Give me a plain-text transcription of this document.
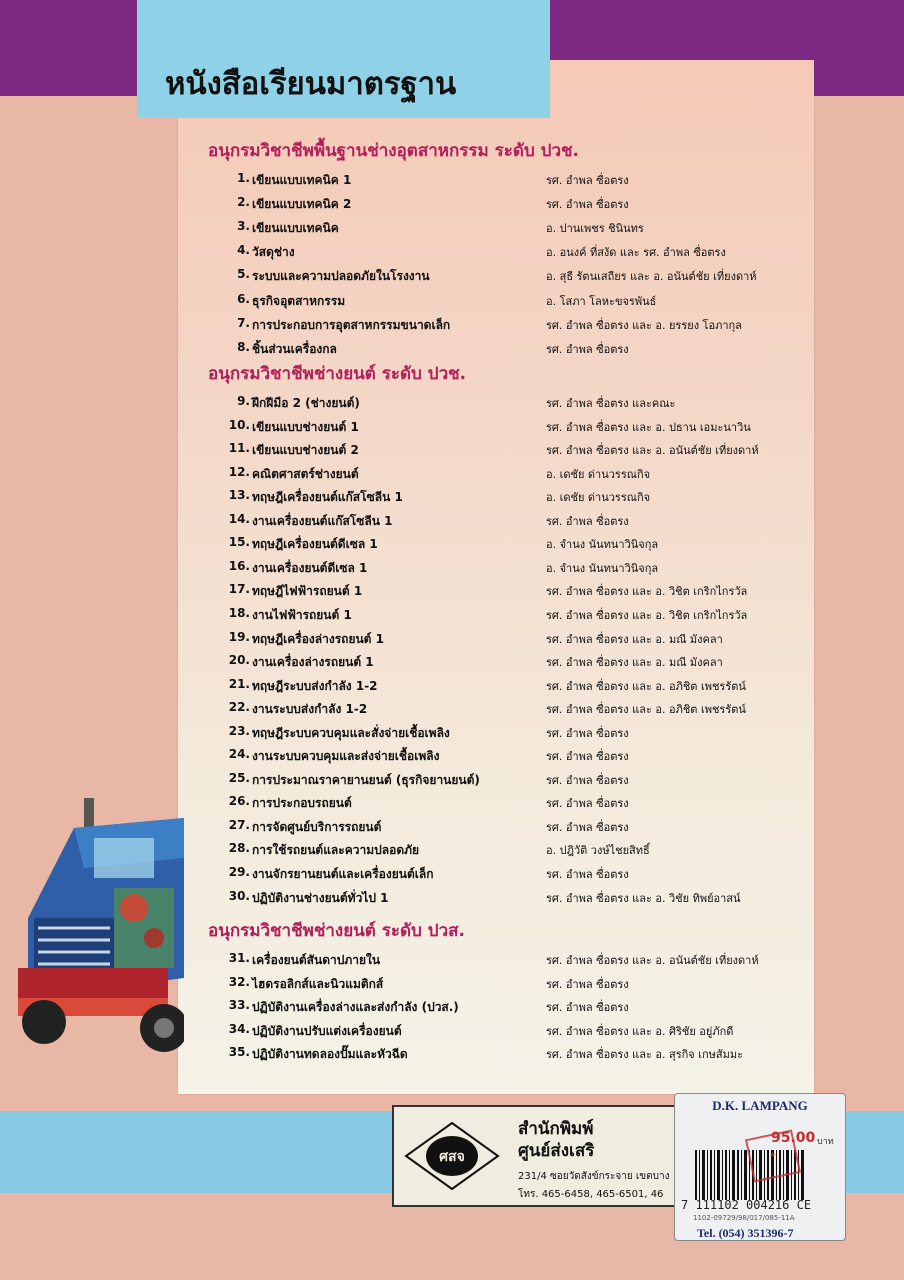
หนังสือเรียนมาตรฐาน
อนุกรมวิชาชีพพื้นฐานช่างอุตสาหกรรม ระดับ ปวช.
1. เขียนแบบเทคนิค 1	รศ. อำพล ซื่อตรง
2. เขียนแบบเทคนิค 2	รศ. อำพล ซื่อตรง
3. เขียนแบบเทคนิค	อ. ปานเพชร ชินินทร
4. วัสดุช่าง	อ. อนงค์ ที่สงัด และ รศ. อำพล ซื่อตรง
5. ระบบและความปลอดภัยในโรงงาน	อ. สุธี รัตนเสถียร และ อ. อนันต์ชัย เที่ยงดาห์
6. ธุรกิจอุตสาหกรรม	อ. โสภา โลหะขจรพันธ์
7. การประกอบการอุตสาหกรรมขนาดเล็ก	รศ. อำพล ซื่อตรง และ อ. ยรรยง โอภากุล
8. ชิ้นส่วนเครื่องกล	รศ. อำพล ซื่อตรง
อนุกรมวิชาชีพช่างยนต์ ระดับ ปวช.
9. ฝึกฝีมือ 2 (ช่างยนต์)	รศ. อำพล ซื่อตรง และคณะ
10. เขียนแบบช่างยนต์ 1	รศ. อำพล ซื่อตรง และ อ. ปธาน เอมะนาวิน
11. เขียนแบบช่างยนต์ 2	รศ. อำพล ซื่อตรง และ อ. อนันต์ชัย เที่ยงดาห์
12. คณิตศาสตร์ช่างยนต์	อ. เดชัย ด่านวรรณกิจ
13. ทฤษฎีเครื่องยนต์แก๊สโซลีน 1	อ. เดชัย ด่านวรรณกิจ
14. งานเครื่องยนต์แก๊สโซลีน 1	รศ. อำพล ซื่อตรง
15. ทฤษฎีเครื่องยนต์ดีเซล 1	อ. จำนง นันทนาวินิจกุล
16. งานเครื่องยนต์ดีเซล 1	อ. จำนง นันทนาวินิจกุล
17. ทฤษฎีไฟฟ้ารถยนต์ 1	รศ. อำพล ซื่อตรง และ อ. วิชิต เกริกไกรวัล
18. งานไฟฟ้ารถยนต์ 1	รศ. อำพล ซื่อตรง และ อ. วิชิต เกริกไกรวัล
19. ทฤษฎีเครื่องล่างรถยนต์ 1	รศ. อำพล ซื่อตรง และ อ. มณี มังคลา
20. งานเครื่องล่างรถยนต์ 1	รศ. อำพล ซื่อตรง และ อ. มณี มังคลา
21. ทฤษฎีระบบส่งกำลัง 1-2	รศ. อำพล ซื่อตรง และ อ. อภิชิต เพชรรัตน์
22. งานระบบส่งกำลัง 1-2	รศ. อำพล ซื่อตรง และ อ. อภิชิต เพชรรัตน์
23. ทฤษฎีระบบควบคุมและสั่งจ่ายเชื้อเพลิง	รศ. อำพล ซื่อตรง
24. งานระบบควบคุมและส่งจ่ายเชื้อเพลิง	รศ. อำพล ซื่อตรง
25. การประมาณราคายานยนต์ (ธุรกิจยานยนต์)	รศ. อำพล ซื่อตรง
26. การประกอบรถยนต์	รศ. อำพล ซื่อตรง
27. การจัดศูนย์บริการรถยนต์	รศ. อำพล ซื่อตรง
28. การใช้รถยนต์และความปลอดภัย	อ. ปฎิวัติ วงษ์ไชยสิทธิ์
29. งานจักรยานยนต์และเครื่องยนต์เล็ก	รศ. อำพล ซื่อตรง
30. ปฏิบัติงานช่างยนต์ทั่วไป 1	รศ. อำพล ซื่อตรง และ อ. วิชัย ทิพย์อาสน์
อนุกรมวิชาชีพช่างยนต์ ระดับ ปวส.
31. เครื่องยนต์สันดาปภายใน	รศ. อำพล ซื่อตรง และ อ. อนันต์ชัย เที่ยงดาห์
32. ไฮดรอลิกส์และนิวแมติกส์	รศ. อำพล ซื่อตรง
33. ปฏิบัติงานเครื่องล่างและส่งกำลัง (ปวส.)	รศ. อำพล ซื่อตรง
34. ปฏิบัติงานปรับแต่งเครื่องยนต์	รศ. อำพล ซื่อตรง และ อ. ศิริชัย อยู่ภักดี
35. ปฏิบัติงานทดลองปั๊มและหัวฉีด	รศ. อำพล ซื่อตรง และ อ. สุรกิจ เกษสัมมะ
ศสจ
สำนักพิมพ์
ศูนย์ส่งเสริ
231/4 ซอยวัดสังข์กระจาย เขตบาง
โทร. 465-6458, 465-6501, 46
D.K. LAMPANG
95.00 บาท
✦
7 111102 004216 CE
1102-09729/98/017/085-11A
Tel. (054) 351396-7
